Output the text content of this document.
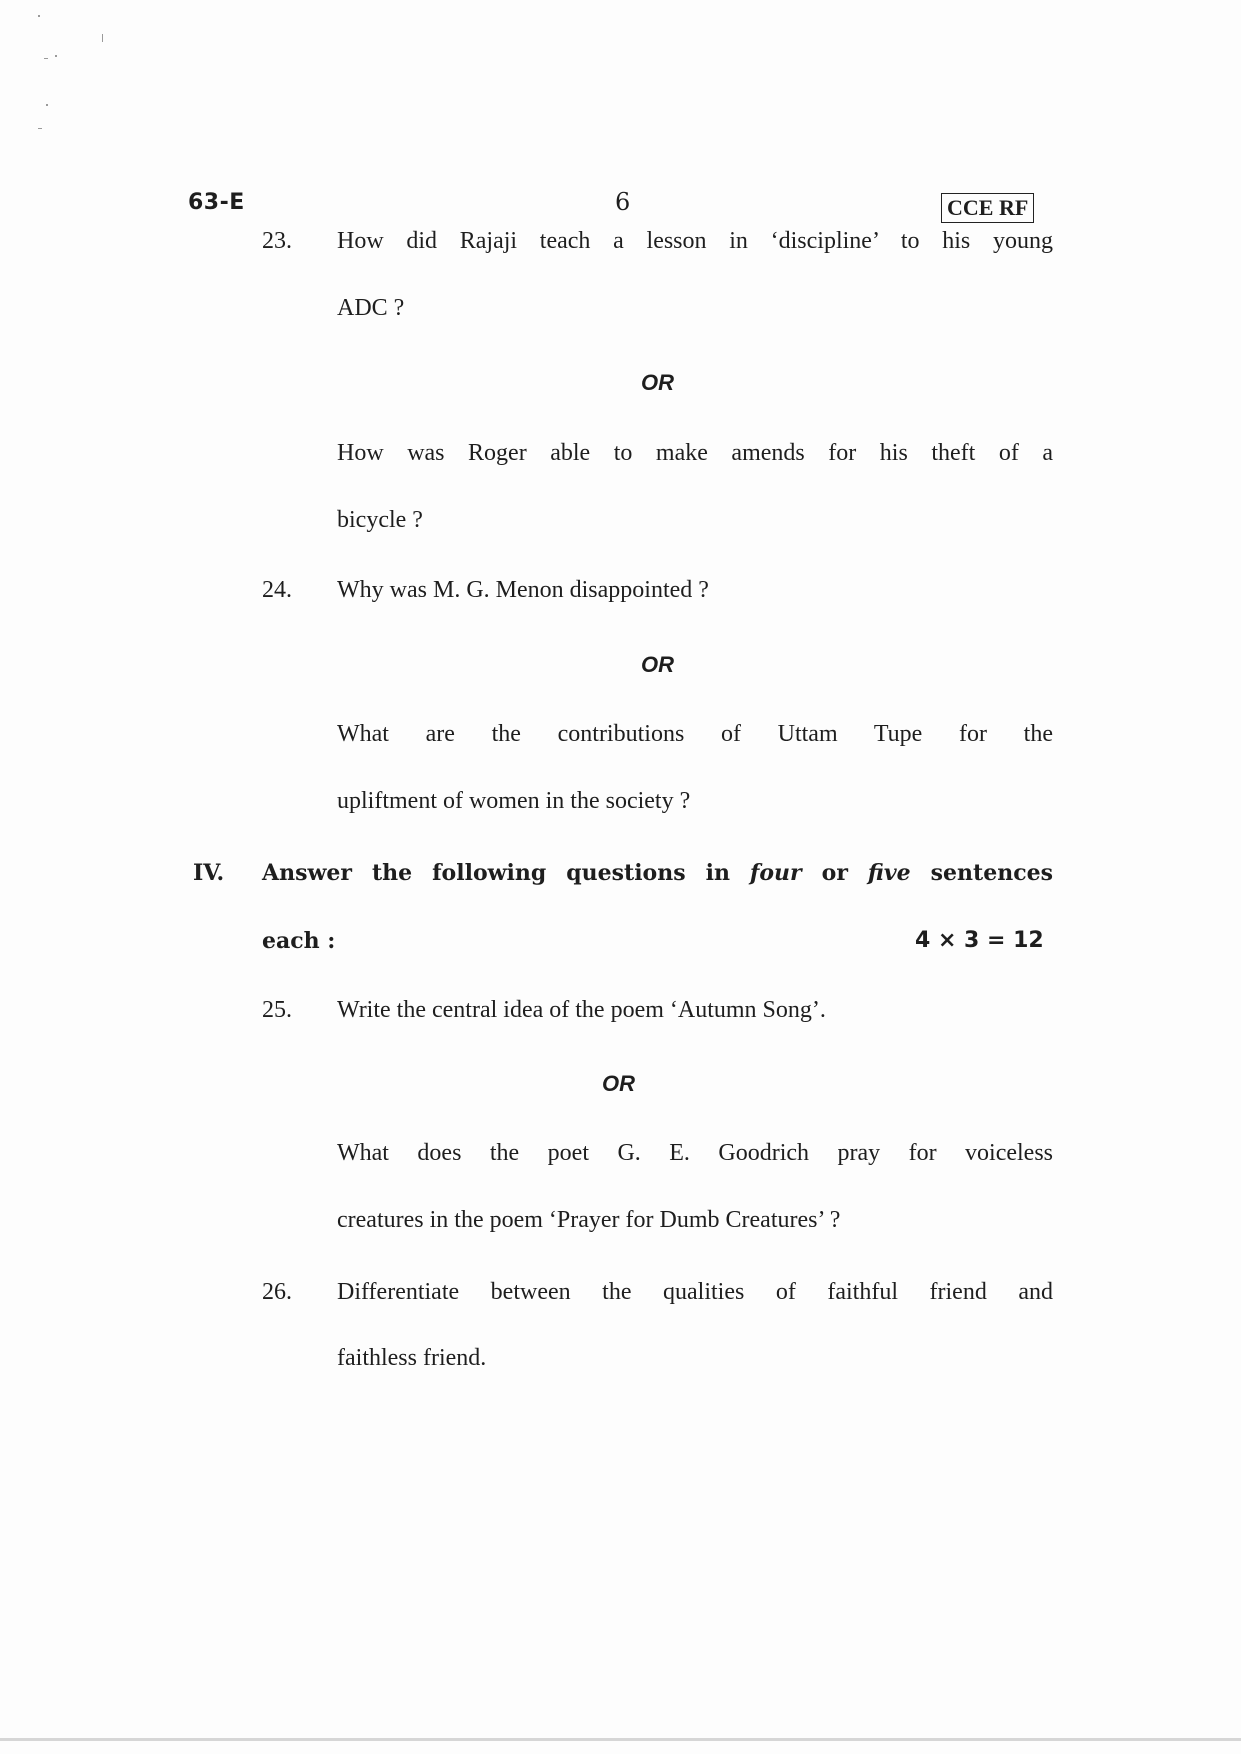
63-E	6	CCE RF
23. How did Rajaji teach a lesson in ‘discipline’ to his young
ADC ?
OR
How was Roger able to make amends for his theft of a
bicycle ?
24. Why was M. G. Menon disappointed ?
OR
What are the contributions of Uttam Tupe for the
upliftment of women in the society ?
IV. Answer the following questions in four or five sentences
each :	4 × 3 = 12
25. Write the central idea of the poem ‘Autumn Song’.
OR
What does the poet G. E. Goodrich pray for voiceless
creatures in the poem ‘Prayer for Dumb Creatures’ ?
26. Differentiate between the qualities of faithful friend and
faithless friend.
